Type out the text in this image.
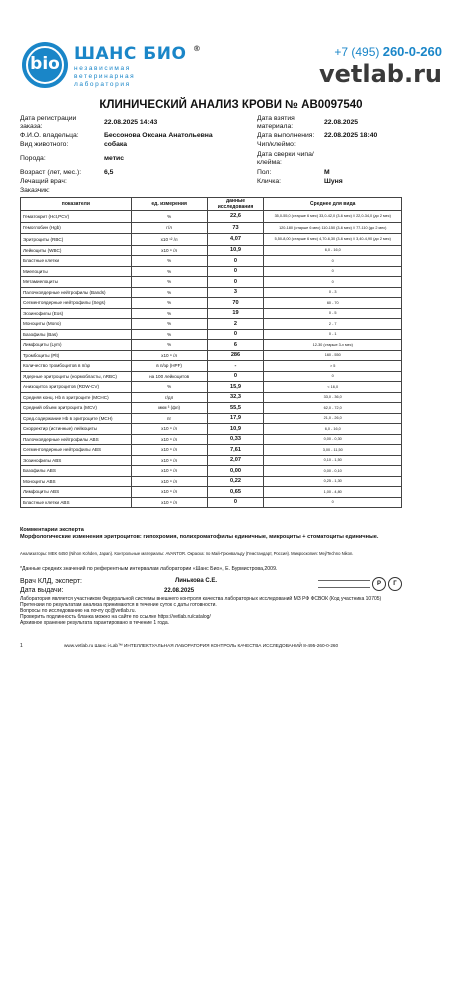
bio ШАНС БИО ®
независимая ветеринарная лаборатория
+7 (495) 260-0-260
vetlab.ru
КЛИНИЧЕСКИЙ АНАЛИЗ КРОВИ № AB0097540
Дата регистрации заказа:	22.08.2025 14:43
Ф.И.О. владельца:	Бессонова Оксана Анатольевна
Вид животного:	собака
Порода:	метис
Возраст (лет, мес.):	6,5
Лечащий врач:
Заказчик:
Дата взятия материала:	22.08.2025
Дата выполнения: 22.08.2025 18:40
Чип/клеймо:
Дата сверки чипа/клейма:
Пол:	М
Кличка:	Шуня
показатели	ед. измерения	данные исследования	Среднее для вида
Гематокрит (Hct,PCV)	%	22,6	35,0-55,0 (старше 6 мес) 33,0-42,0 (3-6 мес) // 22,0-34,0 (до 2 мес)
Гемоглобин (Hgb)	г/л	73	120-180 (старше 6 мес) 110-150 (3-6 мес) // 77-110 (до 2 мес)
Эритроциты (RBC)	x10 ¹² /л	4,07	5,50-8,00 (старше 6 мес) 4,70-6,30 (3-6 мес) // 3,40-4,90 (до 2 мес)
Лейкоциты (WBC)	x10 ⁹ /л	10,9	6,0 - 16,0
Бластные клетки	%	0	0
Миелоциты	%	0	0
Метамиелоциты	%	0	0
Палочкоядерные нейтрофилы (Bands)	%	3	0 - 3
Сегментоядерные нейтрофилы (Segs)	%	70	60 - 70
Эозинофилы (Eos)	%	19	0 - 5
Моноциты (Mono)	%	2	2 - 7
Базофилы (Bas)	%	0	0 - 1
Лимфоциты (Lym)	%	6	12-30 (старше 3-х мес)
Тромбоциты (Plt)	x10 ⁹ /л	286	160 - 550
Количество тромбоцитов в п/зр	в п/зр (HPF)	-	> 5
Ядерные эритроциты (нормобласты, nRBC)	на 100 лейкоцитов	0	0
Анизоцитоз эритроцитов (RDW-CV)	%	15,9	< 16,0
Средняя конц. Hb в эритроците (MCHC)	г/дл	32,3	33,0 - 36,0
Средний объем эритроцита (MCV)	мкм ³ (фл)	55,5	62,0 - 72,0
Сред.содержание Hb в эритроците (MCH)	пг	17,9	21,0 - 26,0
Скорректир (истинные) лейкоциты	x10 ⁹ /л	10,9	6,0 - 16,0
Палочкоядерные нейтрофилы ABS	x10 ⁹ /л	0,33	0,00 - 0,30
Сегментоядерные нейтрофилы ABS	x10 ⁹ /л	7,61	3,00 - 11,50
Эозинофилы ABS	x10 ⁹ /л	2,07	0,10 - 1,50
Базофилы ABS	x10 ⁹ /л	0,00	0,00 - 0,10
Моноциты ABS	x10 ⁹ /л	0,22	0,25 - 1,30
Лимфоциты ABS	x10 ⁹ /л	0,65	1,00 - 4,80
Бластные клетки ABS	x10 ⁹ /л	0	0
Комментарии эксперта
Морфологические изменения эритроцитов: гипохромия, полихроматофилы единичные, микроциты + стоматоциты единичные.
Анализаторы: MEK 6450 (Nihon Kohden, Japan). Контрольные материалы: AVANTOR. Окраска: по Май-Грюнвальду (Гемстандарт, Россия). Микроскопия: Mej/Techno Nikon.
*Данные средних значений по референтным интервалам лаборатории «Шанс Био», Е. Бурмистрова,2009.
Врач КЛД, эксперт:	Линькова С.Е.
Дата выдачи:	22.08.2025
Р	Г
Лаборатория является участником Федеральной системы внешнего контроля качества лабораторных исследований МЗ РФ ФСВОК (Код участника 10705)
Претензии по результатам анализа принимаются в течение суток с даты готовности.
Вопросы по исследованию на почту qc@vetlab.ru.
Проверить подлинность бланка можно на сайте по ссылке https://vetlab.ru/catalog/
Архивное хранение результата гарантировано в течение 1 года.
1	www.vetlab.ru Шанс i-Lab™ ИНТЕЛЛЕКТУАЛЬНАЯ ЛАБОРАТОРИЯ КОНТРОЛЬ КАЧЕСТВА ИССЛЕДОВАНИЙ 8-495-260-0-260
